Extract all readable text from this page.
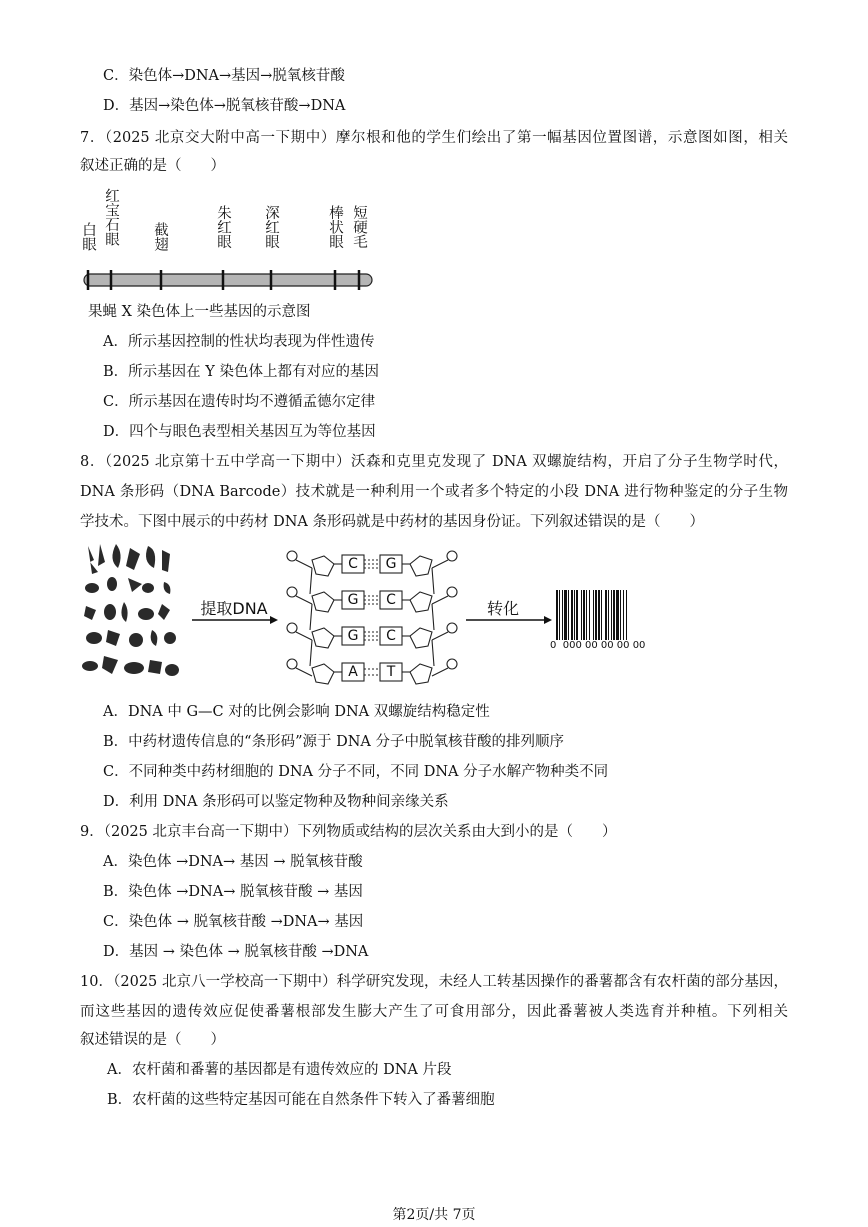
C．染色体→DNA→基因→脱氧核苷酸
D．基因→染色体→脱氧核苷酸→DNA
7．（2025 北京交大附中高一下期中）摩尔根和他的学生们绘出了第一幅基因位置图谱，示意图如图，相关
叙述正确的是（　　）
白眼 红宝石眼 截翅	朱红眼 深红眼	棒状眼 短硬毛
果蝇 X 染色体上一些基因的示意图
A．所示基因控制的性状均表现为伴性遗传
B．所示基因在 Y 染色体上都有对应的基因
C．所示基因在遗传时均不遵循孟德尔定律
D．四个与眼色表型相关基因互为等位基因
8．（2025 北京第十五中学高一下期中）沃森和克里克发现了 DNA 双螺旋结构，开启了分子生物学时代，
DNA 条形码（DNA Barcode）技术就是一种利用一个或者多个特定的小段 DNA 进行物种鉴定的分子生物
学技术。下图中展示的中药材 DNA 条形码就是中药材的基因身份证。下列叙述错误的是（　　）
提取DNA
C	G
G	C
G	C
A	T
转化
0  000 00 00 00 00
A．DNA 中 G—C 对的比例会影响 DNA 双螺旋结构稳定性
B．中药材遗传信息的“条形码”源于 DNA 分子中脱氧核苷酸的排列顺序
C．不同种类中药材细胞的 DNA 分子不同，不同 DNA 分子水解产物种类不同
D．利用 DNA 条形码可以鉴定物种及物种间亲缘关系
9．（2025 北京丰台高一下期中）下列物质或结构的层次关系由大到小的是（　　）
A．染色体 →DNA→ 基因 → 脱氧核苷酸
B．染色体 →DNA→ 脱氧核苷酸 → 基因
C．染色体 → 脱氧核苷酸 →DNA→ 基因
D．基因 → 染色体 → 脱氧核苷酸 →DNA
10．（2025 北京八一学校高一下期中）科学研究发现，未经人工转基因操作的番薯都含有农杆菌的部分基因，
而这些基因的遗传效应促使番薯根部发生膨大产生了可食用部分，因此番薯被人类选育并种植。下列相关
叙述错误的是（　　）
A．农杆菌和番薯的基因都是有遗传效应的 DNA 片段
B．农杆菌的这些特定基因可能在自然条件下转入了番薯细胞
第2页/共 7页
